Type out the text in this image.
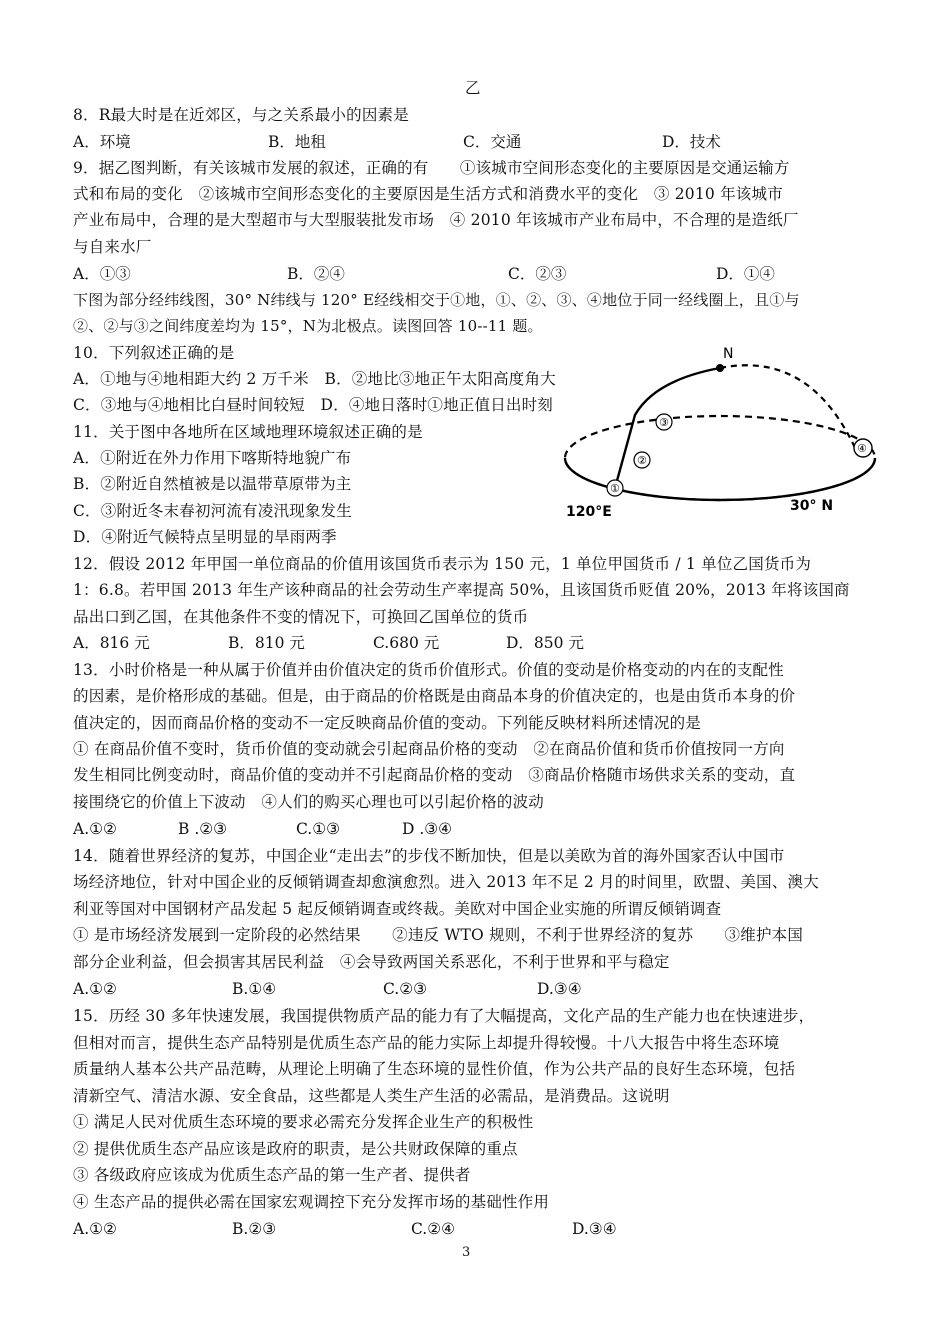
乙
8．R最大时是在近郊区，与之关系最小的因素是
A．环境	B．地租	C．交通	D．技术
9．据乙图判断，有关该城市发展的叙述，正确的有　　①该城市空间形态变化的主要原因是交通运输方
式和布局的变化　②该城市空间形态变化的主要原因是生活方式和消费水平的变化　③ 2010 年该城市
产业布局中，合理的是大型超市与大型服装批发市场　④ 2010 年该城市产业布局中，不合理的是造纸厂
与自来水厂
A．①③	B．②④	C．②③	D．①④
下图为部分经纬线图，30° N纬线与 120° E经线相交于①地，①、②、③、④地位于同一经线圈上，且①与
②、②与③之间纬度差均为 15°，N为北极点。读图回答 10--11 题。
10．下列叙述正确的是
A．①地与④地相距大约 2 万千米　B．②地比③地正午太阳高度角大
C．③地与④地相比白昼时间较短　D．④地日落时①地正值日出时刻
11．关于图中各地所在区域地理环境叙述正确的是
A．①附近在外力作用下喀斯特地貌广布
B．②附近自然植被是以温带草原带为主
C．③附近冬末春初河流有凌汛现象发生
D．④附近气候特点呈明显的旱雨两季
N
①
②
③
④
120°E	30° N
12．假设 2012 年甲国一单位商品的价值用该国货币表示为 150 元，1 单位甲国货币 / 1 单位乙国货币为
1：6.8。若甲国 2013 年生产该种商品的社会劳动生产率提高 50%，且该国货币贬值 20%，2013 年将该国商
品出口到乙国，在其他条件不变的情况下，可换回乙国单位的货币
A．816 元	B．810 元	C.680 元	D．850 元
13．小时价格是一种从属于价值并由价值决定的货币价值形式。价值的变动是价格变动的内在的支配性
的因素，是价格形成的基础。但是，由于商品的价格既是由商品本身的价值决定的，也是由货币本身的价
值决定的，因而商品价格的变动不一定反映商品价值的变动。下列能反映材料所述情况的是
① 在商品价值不变时，货币价值的变动就会引起商品价格的变动　②在商品价值和货币价值按同一方向
发生相同比例变动时，商品价值的变动并不引起商品价格的变动　③商品价格随市场供求关系的变动，直
接围绕它的价值上下波动　④人们的购买心理也可以引起价格的波动
A.①②	B .②③	C.①③	D .③④
14．随着世界经济的复苏，中国企业“走出去”的步伐不断加快，但是以美欧为首的海外国家否认中国市
场经济地位，针对中国企业的反倾销调查却愈演愈烈。进入 2013 年不足 2 月的时间里，欧盟、美国、澳大
利亚等国对中国钢材产品发起 5 起反倾销调查或终裁。美欧对中国企业实施的所谓反倾销调查
① 是市场经济发展到一定阶段的必然结果　　②违反 WTO 规则，不利于世界经济的复苏　　③维护本国
部分企业利益，但会损害其居民利益　④会导致两国关系恶化，不利于世界和平与稳定
A.①②	B.①④	C.②③	D.③④
15．历经 30 多年快速发展，我国提供物质产品的能力有了大幅提高，文化产品的生产能力也在快速进步，
但相对而言，提供生态产品特别是优质生态产品的能力实际上却提升得较慢。十八大报告中将生态环境
质量纳人基本公共产品范畴，从理论上明确了生态环境的显性价值，作为公共产品的良好生态环境，包括
清新空气、清洁水源、安全食品，这些都是人类生产生活的必需品，是消费品。这说明
① 满足人民对优质生态环境的要求必需充分发挥企业生产的积极性
② 提供优质生态产品应该是政府的职责，是公共财政保障的重点
③ 各级政府应该成为优质生态产品的第一生产者、提供者
④ 生态产品的提供必需在国家宏观调控下充分发挥市场的基础性作用
A.①②	B.②③	C.②④	D.③④
3
